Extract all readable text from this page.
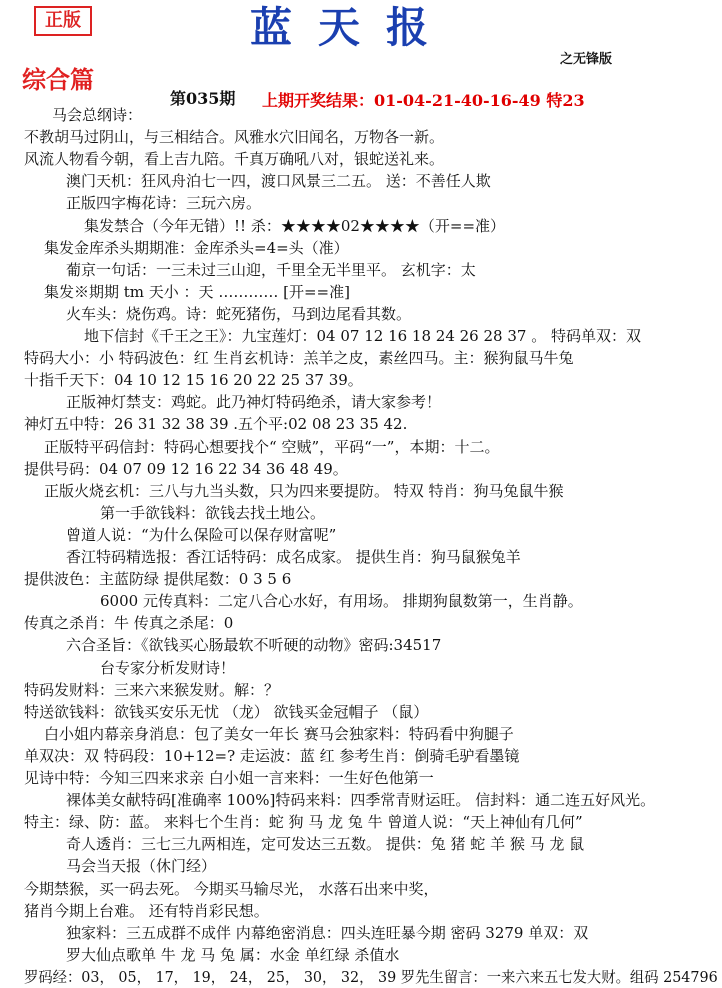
正版	蓝天报
之无锋版
综合篇
第035期 上期开奖结果：01-04-21-40-16-49 特23
马会总纲诗：
不教胡马过阴山，与三相结合。风雅水穴旧闻名，万物各一新。
风流人物看今朝，看上吉九陪。千真万确吼八对，银蛇送礼来。
澳门天机：狂风舟泊七一四，渡口风景三二五。 送：不善任人欺
正版四字梅花诗：三玩六房。
集发禁合（今年无错）!! 杀：★★★★02★★★★（开==准）
集发金库杀头期期准：金库杀头=4=头（准）
葡京一句话：一三未过三山迎，千里全无半里平。 玄机字：太
集发※期期 tm 天小 ：天 ………… [开==准]
火车头：烧伤鸡。诗：蛇死猪伤，马到边尾看其数。
地下信封《千王之王》：九宝莲灯：04 07 12 16 18 24 26 28 37 。 特码单双：双
特码大小：小 特码波色：红 生肖玄机诗：羔羊之皮，素丝四马。主：猴狗鼠马牛兔
十指千天下：04 10 12 15 16 20 22 25 37 39。
正版神灯禁支：鸡蛇。此乃神灯特码绝杀，请大家参考！
神灯五中特：26 31 32 38 39 .五个平:02 08 23 35 42.
正版特平码信封：特码心想要找个“ 空贼”，平码“一”，本期：十二。
提供号码：04 07 09 12 16 22 34 36 48 49。
正版火烧玄机：三八与九当头数，只为四来要提防。 特双 特肖：狗马兔鼠牛猴
第一手欲钱料：欲钱去找土地公。
曾道人说：“为什么保险可以保存财富呢”
香江特码精选报：香江话特码：成名成家。 提供生肖：狗马鼠猴兔羊
提供波色：主蓝防绿 提供尾数：0 3 5 6
6000 元传真料：二定八合心水好，有用场。 排期狗鼠数第一，生肖静。
传真之杀肖：牛 传真之杀尾：0
六合圣旨：《欲钱买心肠最软不听硬的动物》密码:34517
台专家分析发财诗！
特码发财料：三来六来猴发财。解：？
特送欲钱料：欲钱买安乐无忧 （龙） 欲钱买金冠帽子 （鼠）
白小姐内幕亲身消息：包了美女一年长 赛马会独家料：特码看中狗腿子
单双决：双 特码段：10+12=? 走运波：蓝 红 参考生肖：倒骑毛驴看墨镜
见诗中特：今知三四来求亲 白小姐一言来料：一生好色他第一
裸体美女献特码[准确率 100%]特码来料：四季常青财运旺。 信封料：通二连五好风光。
特主：绿、防：蓝。 来料七个生肖：蛇 狗 马 龙 兔 牛 曾道人说：“天上神仙有几何”
奇人透肖：三七三九两相连，定可发达三五数。 提供：兔 猪 蛇 羊 猴 马 龙 鼠
马会当天报（休门经）
今期禁猴，买一码去死。 今期买马输尽光， 水落石出来中奖，
猪肖今期上台难。 还有特肖彩民想。
独家料：三五成群不成伴 内幕绝密消息：四头连旺暴今期 密码 3279 单双：双
罗大仙点歌单 牛 龙 马 兔 属：水金 单红绿 杀值水
罗码经：03， 05， 17， 19， 24， 25， 30， 32， 39 罗先生留言：一来六来五七发大财。组码 254796
